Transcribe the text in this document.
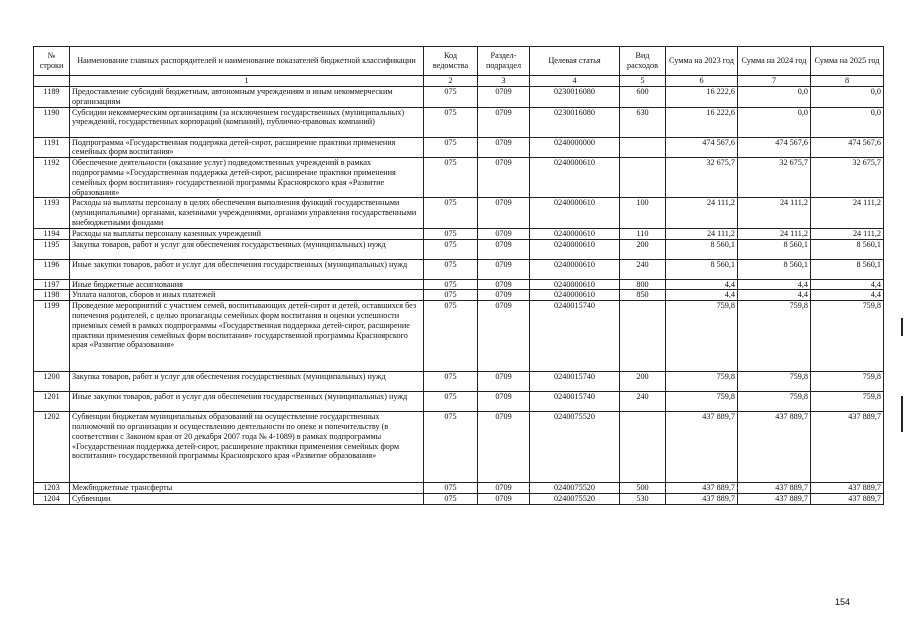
№ строки	Наименование главных распорядителей и наименование показателей бюджетной классификации	Код ведомства	Раздел-подраздел	Целевая статья	Вид расходов	Сумма на 2023 год	Сумма на 2024 год	Сумма на 2025 год
	1	2	3	4	5	6	7	8
1189	Предоставление субсидий бюджетным, автономным учреждениям и иным некоммерческим организациям	075	0709	0230016080	600	16 222,6	0,0	0,0
1190	Субсидии некоммерческим организациям (за исключением государственных (муниципальных) учреждений, государственных корпораций (компаний), публично-правовых компаний)	075	0709	0230016080	630	16 222,6	0,0	0,0
1191	Подпрограмма «Государственная поддержка детей-сирот, расширение практики применения семейных форм воспитания»	075	0709	0240000000		474 567,6	474 567,6	474 567,6
1192	Обеспечение деятельности (оказание услуг) подведомственных учреждений в рамках подпрограммы «Государственная поддержка детей-сирот, расширение практики применения семейных форм воспитания» государственной программы Красноярского края «Развитие образования»	075	0709	0240000610		32 675,7	32 675,7	32 675,7
1193	Расходы на выплаты персоналу в целях обеспечения выполнения функций государственными (муниципальными) органами, казенными учреждениями, органами управления государственными внебюджетными фондами	075	0709	0240000610	100	24 111,2	24 111,2	24 111,2
1194	Расходы на выплаты персоналу казенных учреждений	075	0709	0240000610	110	24 111,2	24 111,2	24 111,2
1195	Закупка товаров, работ и услуг для обеспечения государственных (муниципальных) нужд	075	0709	0240000610	200	8 560,1	8 560,1	8 560,1
1196	Иные закупки товаров, работ и услуг для обеспечения государственных (муниципальных) нужд	075	0709	0240000610	240	8 560,1	8 560,1	8 560,1
1197	Иные бюджетные ассигнования	075	0709	0240000610	800	4,4	4,4	4,4
1198	Уплата налогов, сборов и иных платежей	075	0709	0240000610	850	4,4	4,4	4,4
1199	Проведение мероприятий с участием семей, воспитывающих детей-сирот и детей, оставшихся без попечения родителей, с целью пропаганды семейных форм воспитания и оценки успешности приемных семей в рамках подпрограммы «Государственная поддержка детей-сирот, расширение практики применения семейных форм воспитания» государственной программы Красноярского края «Развитие образования»	075	0709	0240015740		759,8	759,8	759,8
1200	Закупка товаров, работ и услуг для обеспечения государственных (муниципальных) нужд	075	0709	0240015740	200	759,8	759,8	759,8
1201	Иные закупки товаров, работ и услуг для обеспечения государственных (муниципальных) нужд	075	0709	0240015740	240	759,8	759,8	759,8
1202	Субвенции бюджетам муниципальных образований на осуществление государственных полномочий по организации и осуществлению деятельности по опеке и попечительству (в соответствии с Законом края от 20 декабря 2007 года № 4-1089) в рамках подпрограммы «Государственная поддержка детей-сирот, расширение практики применения семейных форм воспитания» государственной программы Красноярского края «Развитие образования»	075	0709	0240075520		437 889,7	437 889,7	437 889,7
1203	Межбюджетные трансферты	075	0709	0240075520	500	437 889,7	437 889,7	437 889,7
1204	Субвенции	075	0709	0240075520	530	437 889,7	437 889,7	437 889,7
154
